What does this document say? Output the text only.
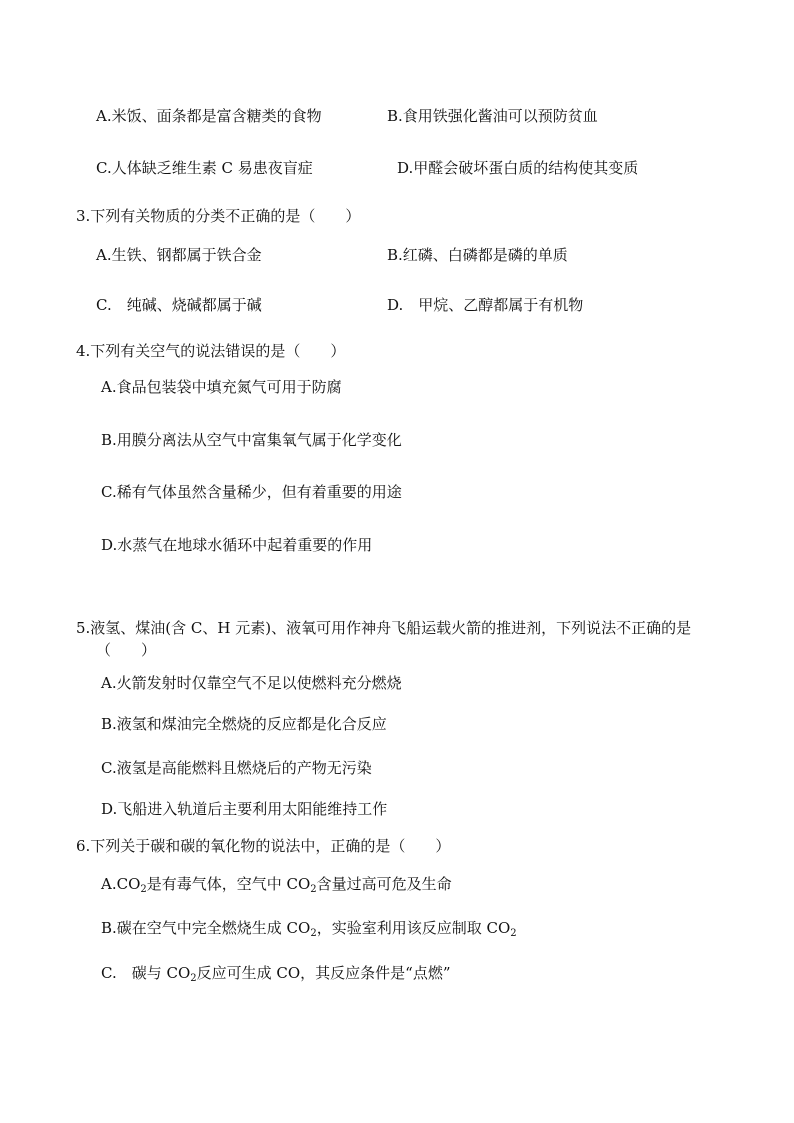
A.米饭、面条都是富含糖类的食物	B.食用铁强化酱油可以预防贫血
C.人体缺乏维生素 C 易患夜盲症	D.甲醛会破坏蛋白质的结构使其变质
3.下列有关物质的分类不正确的是（　　）
A.生铁、钢都属于铁合金	B.红磷、白磷都是磷的单质
C.　纯碱、烧碱都属于碱	D.　甲烷、乙醇都属于有机物
4.下列有关空气的说法错误的是（　　）
A.食品包装袋中填充氮气可用于防腐
B.用膜分离法从空气中富集氧气属于化学变化
C.稀有气体虽然含量稀少，但有着重要的用途
D.水蒸气在地球水循环中起着重要的作用
5.液氢、煤油(含 C、H 元素)、液氧可用作神舟飞船运载火箭的推进剂，下列说法不正确的是
（　　）
A.火箭发射时仅靠空气不足以使燃料充分燃烧
B.液氢和煤油完全燃烧的反应都是化合反应
C.液氢是高能燃料且燃烧后的产物无污染
D.飞船进入轨道后主要利用太阳能维持工作
6.下列关于碳和碳的氧化物的说法中，正确的是（　　）
$A.CO_2$是有毒气体，空气中 $CO_2$含量过高可危及生命
B.碳在空气中完全燃烧生成 $CO_2$，实验室利用该反应制取 $CO_2$
C.　碳与 $CO_2$反应可生成 CO，其反应条件是“点燃”
